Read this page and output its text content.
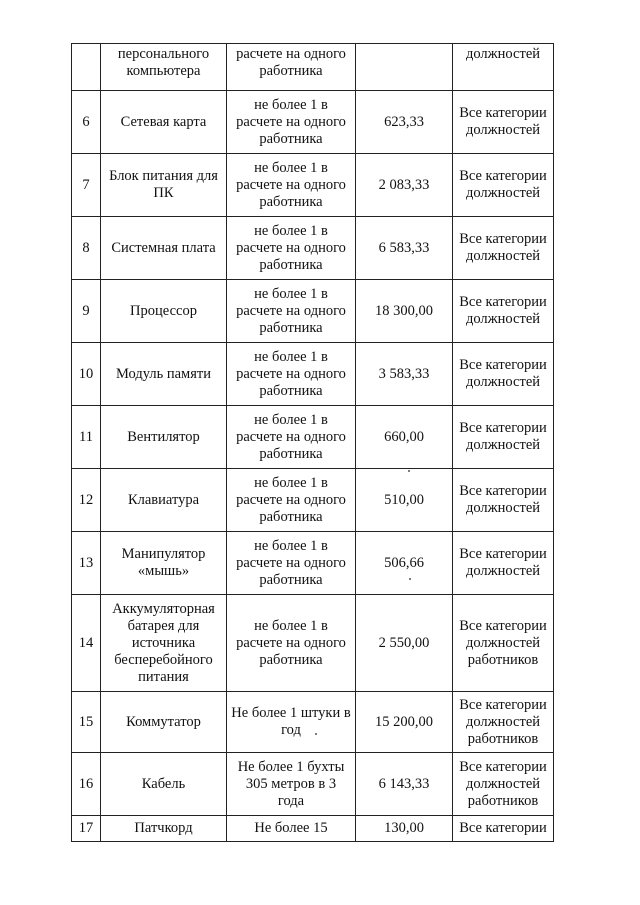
	персонального
компьютера	расчете на одного
работника		должностей

6	Сетевая карта	не более 1 в
расчете на одного
работника	623,33	Все категории
должностей

7	Блок питания для
ПК	не более 1 в
расчете на одного
работника	2 083,33	Все категории
должностей

8	Системная плата	не более 1 в
расчете на одного
работника	6 583,33	Все категории
должностей

9	Процессор	не более 1 в
расчете на одного
работника	18 300,00	Все категории
должностей

10	Модуль памяти	не более 1 в
расчете на одного
работника	3 583,33	Все категории
должностей

11	Вентилятор	не более 1 в
расчете на одного
работника	660,00	Все категории
должностей

12	Клавиатура	не более 1 в
расчете на одного
работника	510,00	Все категории
должностей

13	Манипулятор
«мышь»	не более 1 в
расчете на одного
работника	506,66	Все категории
должностей

14	Аккумуляторная
батарея для
источника
бесперебойного
питания	не более 1 в
расчете на одного
работника	2 550,00	Все категории
должностей
работников

15	Коммутатор	Не более 1 штуки в
год	15 200,00	Все категории
должностей
работников

16	Кабель	Не более 1 бухты
305 метров в 3
года	6 143,33	Все категории
должностей
работников

17	Патчкорд	Не более 15	130,00	Все категории
